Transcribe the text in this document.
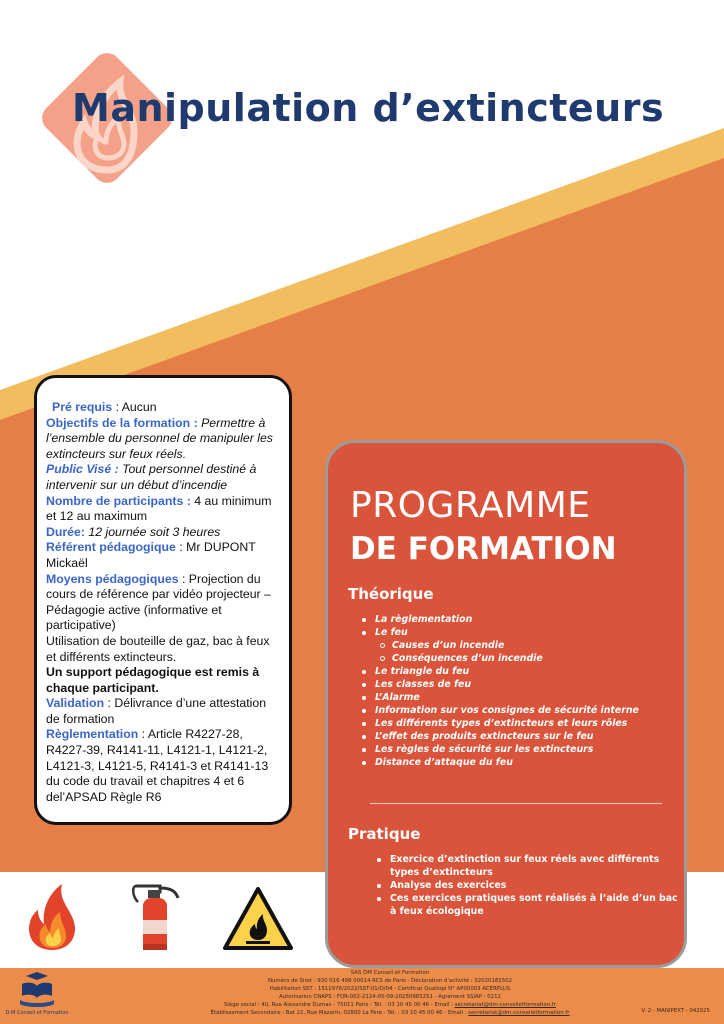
Manipulation d’extincteurs

Pré requis : Aucun

Objectifs de la formation : Permettre à l’ensemble du personnel de manipuler les extincteurs sur feux réels.

Public Visé : Tout personnel destiné à intervenir sur un début d’incendie

Nombre de participants : 4 au minimum et 12 au maximum

Durée: 12 journée soit 3 heures

Référent pédagogique : Mr DUPONT Mickaël

Moyens pédagogiques : Projection du cours de référence par vidéo projecteur – Pédagogie active (informative et participative)

Utilisation de bouteille de gaz, bac à feux et différents extincteurs.

Un support pédagogique est remis à chaque participant.

Validation : Délivrance d’une attestation de formation

Règlementation : Article R4227-28, R4227-39, R4141-11, L4121-1, L4121-2, L4121-3, L4121-5, R4141-3 et R4141-13 du code du travail et chapitres 4 et 6 del’APSAD Règle R6

PROGRAMME
DE FORMATION
Théorique
La règlementation
Le feu
Causes d’un incendie
Conséquences d’un incendie
Le triangle du feu
Les classes de feu
L’Alarme
Information sur vos consignes de sécurité interne
Les différents types d’extincteurs et leurs rôles
L’effet des produits extincteurs sur le feu
Les règles de sécurité sur les extincteurs
Distance d’attaque du feu
Pratique
Exercice d’extinction sur feux réels avec différents types d’extincteurs
Analyse des exercices
Ces exercices pratiques sont réalisés à l’aide d’un bac à feux écologique
D.M Conseil et Formation
SAS DM Conseil et Formation
Numéro de Siret : 930 016 498 00014 RCS de Paris - Déclaration d’activité : 32020181502
Habilitation SST : 1511976/2022/SST-01/O/04 - Certificat Qualiopi N° AP00003 ACERPLUS
Autorisation CNAPS : FOR-002-2124-05-09-20250983251 - Agrément SSIAP : 0212
Siège social : 40, Rue Alexandre Dumas - 75011 Paris - Tél. : 03 10 45 00 46 - Email : secretariat@dm-conseiletformation.fr
Établissement Secondaire : Bat 22, Rue Mazarin, 02800 La Fère - Tél. : 03 10 45 00 46 - Email : secretariat@dm-conseiletformation.fr	V. 2 - MANIPEXT - 042025
